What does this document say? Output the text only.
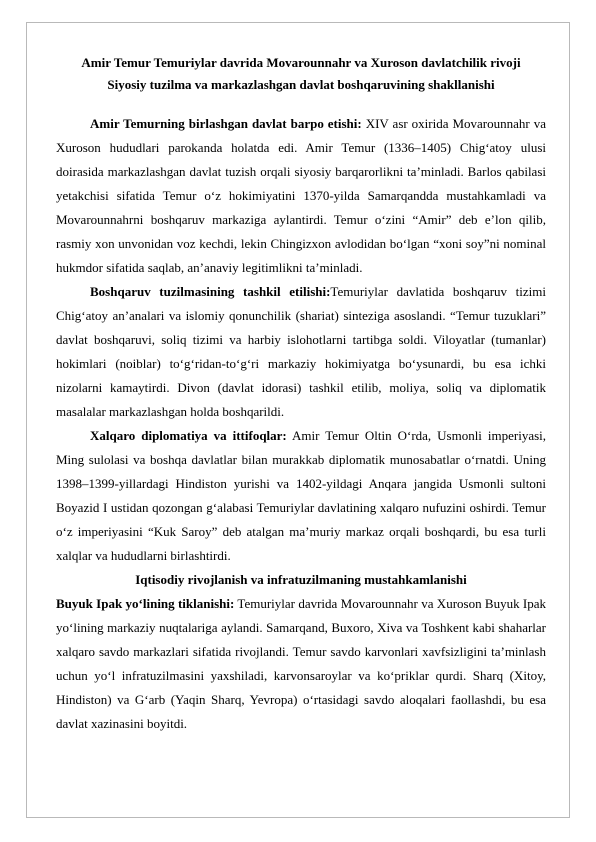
Amir Temur Temuriylar davrida Movarounnahr va Xuroson davlatchilik rivoji

Siyosiy tuzilma va markazlashgan davlat boshqaruvining shakllanishi

Amir Temurning birlashgan davlat barpo etishi: XIV asr oxirida Movarounnahr va Xuroson hududlari parokanda holatda edi. Amir Temur (1336–1405) Chig‘atoy ulusi doirasida markazlashgan davlat tuzish orqali siyosiy barqarorlikni ta’minladi. Barlos qabilasi yetakchisi sifatida Temur o‘z hokimiyatini 1370-yilda Samarqandda mustahkamladi va Movarounnahrni boshqaruv markaziga aylantirdi. Temur o‘zini “Amir” deb e’lon qilib, rasmiy xon unvonidan voz kechdi, lekin Chingizxon avlodidan bo‘lgan “xoni soy”ni nominal hukmdor sifatida saqlab, an’anaviy legitimlikni ta’minladi.

Boshqaruv tuzilmasining tashkil etilishi:Temuriylar davlatida boshqaruv tizimi Chig‘atoy an’analari va islomiy qonunchilik (shariat) sinteziga asoslandi. “Temur tuzuklari” davlat boshqaruvi, soliq tizimi va harbiy islohotlarni tartibga soldi. Viloyatlar (tumanlar) hokimlari (noiblar) to‘g‘ridan-to‘g‘ri markaziy hokimiyatga bo‘ysunardi, bu esa ichki nizolarni kamaytirdi. Divon (davlat idorasi) tashkil etilib, moliya, soliq va diplomatik masalalar markazlashgan holda boshqarildi.

Xalqaro diplomatiya va ittifoqlar: Amir Temur Oltin O‘rda, Usmonli imperiyasi, Ming sulolasi va boshqa davlatlar bilan murakkab diplomatik munosabatlar o‘rnatdi. Uning 1398–1399-yillardagi Hindiston yurishi va 1402-yildagi Anqara jangida Usmonli sultoni Boyazid I ustidan qozongan g‘alabasi Temuriylar davlatining xalqaro nufuzini oshirdi. Temur o‘z imperiyasini “Kuk Saroy” deb atalgan ma’muriy markaz orqali boshqardi, bu esa turli xalqlar va hududlarni birlashtirdi.

Iqtisodiy rivojlanish va infratuzilmaning mustahkamlanishi

Buyuk Ipak yo‘lining tiklanishi: Temuriylar davrida Movarounnahr va Xuroson Buyuk Ipak yo‘lining markaziy nuqtalariga aylandi. Samarqand, Buxoro, Xiva va Toshkent kabi shaharlar xalqaro savdo markazlari sifatida rivojlandi. Temur savdo karvonlari xavfsizligini ta’minlash uchun yo‘l infratuzilmasini yaxshiladi, karvonsaroylar va ko‘priklar qurdi. Sharq (Xitoy, Hindiston) va G‘arb (Yaqin Sharq, Yevropa) o‘rtasidagi savdo aloqalari faollashdi, bu esa davlat xazinasini boyitdi.
